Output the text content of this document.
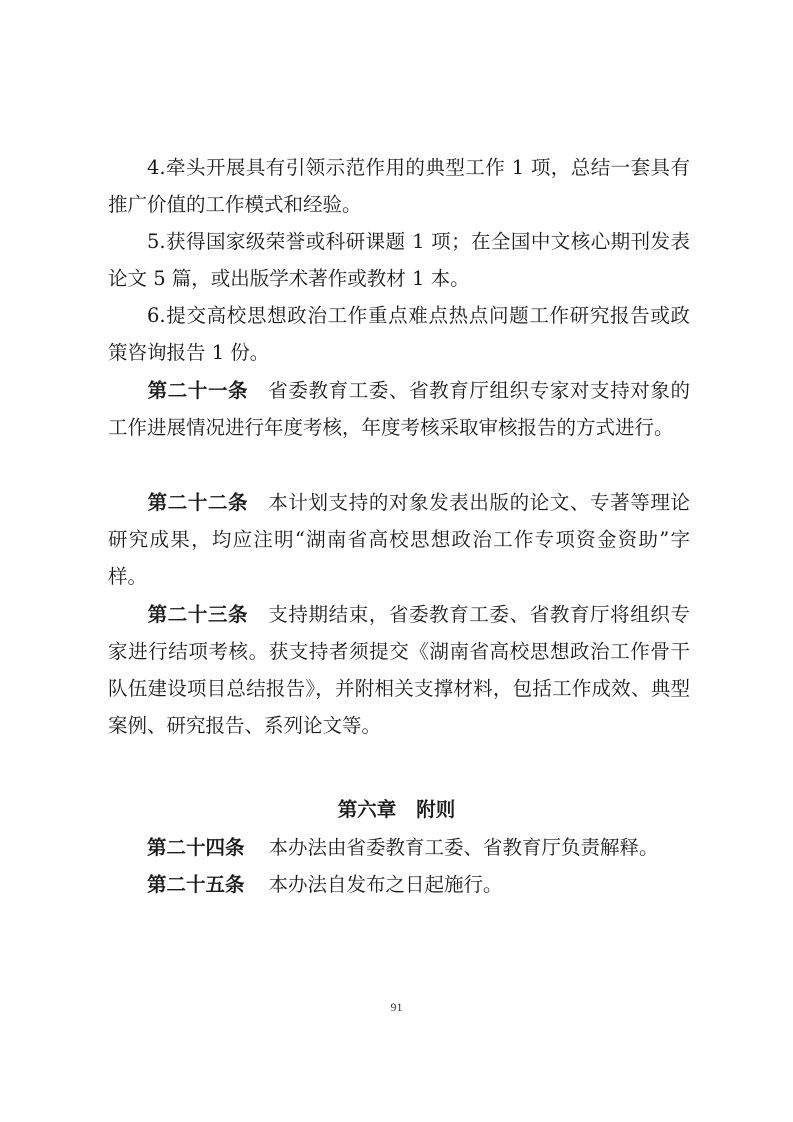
4.牵头开展具有引领示范作用的典型工作 1 项，总结一套具有推广价值的工作模式和经验。
5.获得国家级荣誉或科研课题 1 项；在全国中文核心期刊发表论文 5 篇，或出版学术著作或教材 1 本。
6.提交高校思想政治工作重点难点热点问题工作研究报告或政策咨询报告 1 份。
第二十一条　 省委教育工委、省教育厅组织专家对支持对象的工作进展情况进行年度考核，年度考核采取审核报告的方式进行。
第二十二条　 本计划支持的对象发表出版的论文、专著等理论研究成果，均应注明“湖南省高校思想政治工作专项资金资助”字样。
第二十三条　 支持期结束，省委教育工委、省教育厅将组织专家进行结项考核。获支持者须提交《湖南省高校思想政治工作骨干队伍建设项目总结报告》，并附相关支撑材料，包括工作成效、典型案例、研究报告、系列论文等。
第六章 附则
第二十四条 本办法由省委教育工委、省教育厅负责解释。
第二十五条 本办法自发布之日起施行。
91
